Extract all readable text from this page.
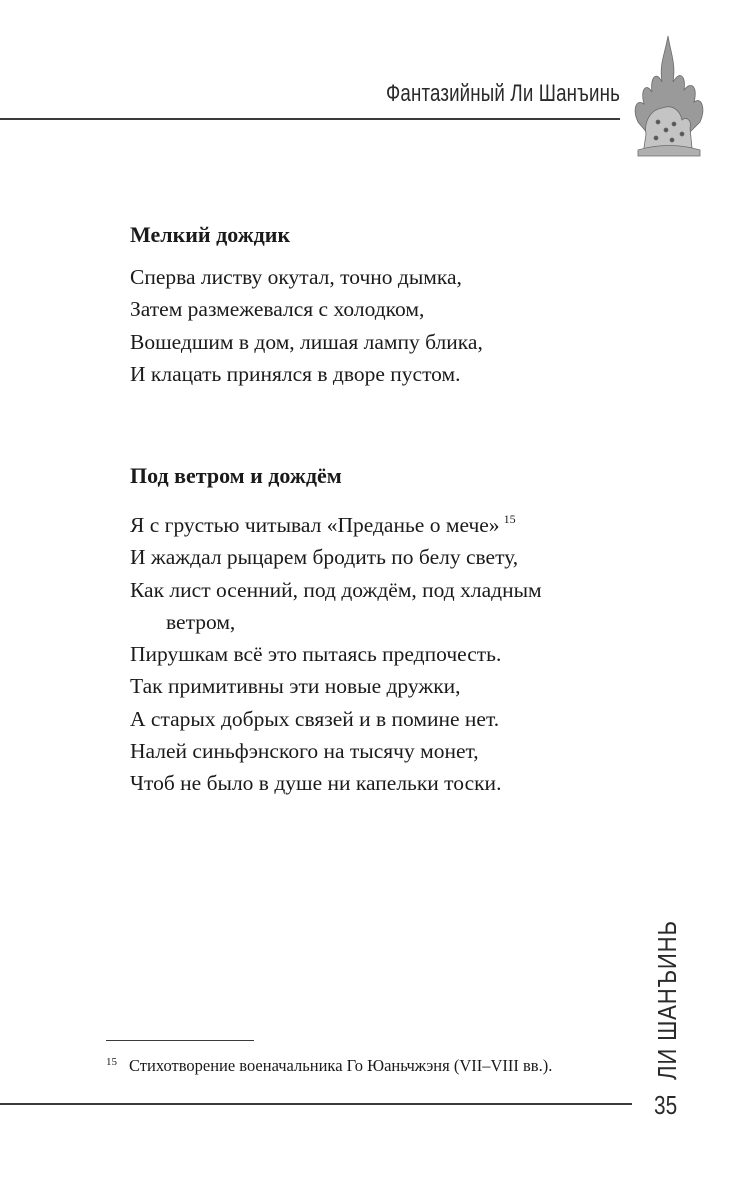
Фантазийный Ли Шанъинь
Мелкий дождик
Сперва листву окутал, точно дымка,
Затем размежевался с холодком,
Вошедшим в дом, лишая лампу блика,
И клацать принялся в дворе пустом.
Под ветром и дождём
Я с грустью читывал «Преданье о мече» $^{15}$
И жаждал рыцарем бродить по белу свету,
Как лист осенний, под дождём, под хладным
ветром,
Пирушкам всё это пытаясь предпочесть.
Так примитивны эти новые дружки,
А старых добрых связей и в помине нет.
Налей синьфэнского на тысячу монет,
Чтоб не было в душе ни капельки тоски.
$^{15}$ Стихотворение военачальника Го Юаньчжэня (VII–VIII вв.).	ЛИ ШАНЪИНЬ
35
